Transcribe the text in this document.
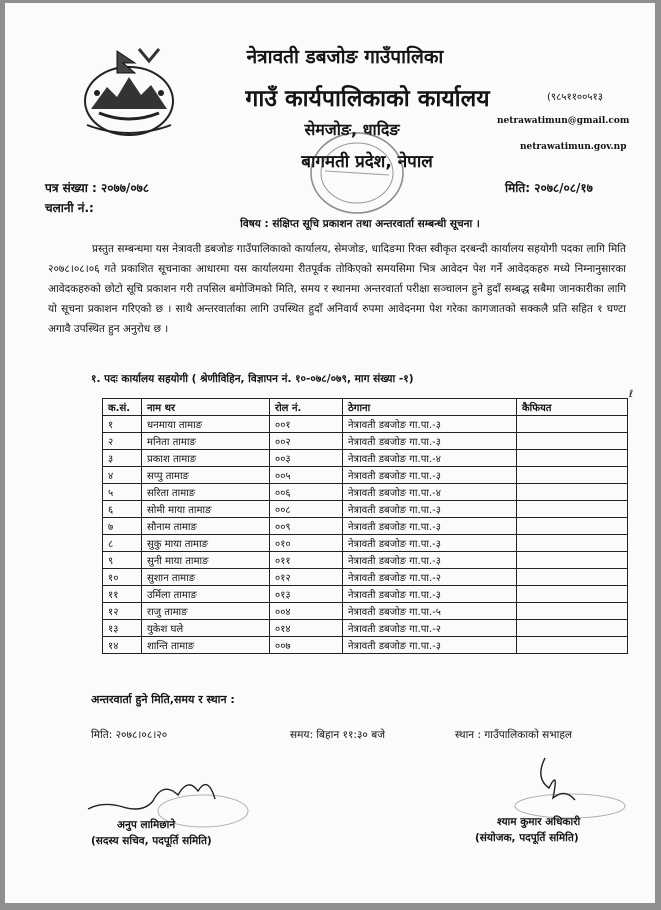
नेत्रावती डबजोङ गाउँपालिका
गाउँ कार्यपालिकाको कार्यालय
सेमजोङ, धादिङ
बागमती प्रदेश, नेपाल
(९८५११००५१३
netrawatimun@gmail.com
netrawatimun.gov.np
पत्र संख्या : २०७७/०७८
चलानी नं.:
मिति: २०७८/०८/१७
विषय : संक्षिप्त सूचि प्रकाशन तथा अन्तरवार्ता सम्बन्धी सूचना ।

प्रस्तुत सम्बन्धमा यस नेत्रावती डबजोङ गाउँपालिकाको कार्यालय, सेमजोङ, धादिङमा रिक्त स्वीकृत दरबन्दी कार्यालय सहयोगी पदका लागि मिति २०७८।०८।०६ गते प्रकाशित सूचनाका आधारमा यस कार्यालयमा रीतपूर्वक तोकिएको समयसिमा भित्र आवेदन पेश गर्ने आवेदकहरु मध्ये निम्नानुसारका आवेदकहरुको छोटो सूचि प्रकाशन गरी तपसिल बमोजिमको मिति, समय र स्थानमा अन्तरवार्ता परीक्षा सञ्चालन हुने हुदाँ सम्बद्ध सबैमा जानकारीका लागि यो सूचना प्रकाशन गरिएको छ । साथै अन्तरवार्ताका लागि उपस्थित हुदाँ अनिवार्य रुपमा आवेदनमा पेश गरेका कागजातको सक्कलै प्रति सहित १ घण्टा अगावै उपस्थित हुन अनुरोध छ ।

१. पदः कार्यालय सहयोगी ( श्रेणीविहिन, विज्ञापन नं. १०-०७८/०७९, माग संख्या -१)
ℓ
क.सं.	नाम थर	रोल नं.	ठेगाना	कैफियत
१	धनमाया तामाङ	००१	नेत्रावती डबजोङ गा.पा.-३	
२	मनिता तामाङ	००२	नेत्रावती डबजोङ गा.पा.-३	
३	प्रकाश तामाङ	००३	नेत्रावती डबजोङ गा.पा.-४	
४	सप्पु तामाङ	००५	नेत्रावती डबजोङ गा.पा.-३	
५	सरिता तामाङ	००६	नेत्रावती डबजोङ गा.पा.-४	
६	सोमी माया तामाङ	००८	नेत्रावती डबजोङ गा.पा.-३	
७	सौनाम तामाङ	००९	नेत्रावती डबजोङ गा.पा.-३	
८	सुकु माया तामाङ	०१०	नेत्रावती डबजोङ गा.पा.-३	
९	सुनी माया तामाङ	०११	नेत्रावती डबजोङ गा.पा.-३	
१०	सुशान तामाङ	०१२	नेत्रावती डबजोङ गा.पा.-२	
११	उर्मिला तामाङ	०१३	नेत्रावती डबजोङ गा.पा.-३	
१२	राजु तामाङ	००४	नेत्रावती डबजोङ गा.पा.-५	
१३	युकेश घले	०१४	नेत्रावती डबजोङ गा.पा.-२	
१४	शान्ति तामाङ	००७	नेत्रावती डबजोङ गा.पा.-३	
अन्तरवार्ता हुने मिति,समय र स्थान :
मिति: २०७८।०८।२०	समय: बिहान ११:३० बजे	स्थान : गाउँपालिकाको सभाहल
अनुप लामिछाने
(सदस्य सचिव, पदपूर्ति समिति)
श्याम कुमार अधिकारी
(संयोजक, पदपूर्ति समिति)
